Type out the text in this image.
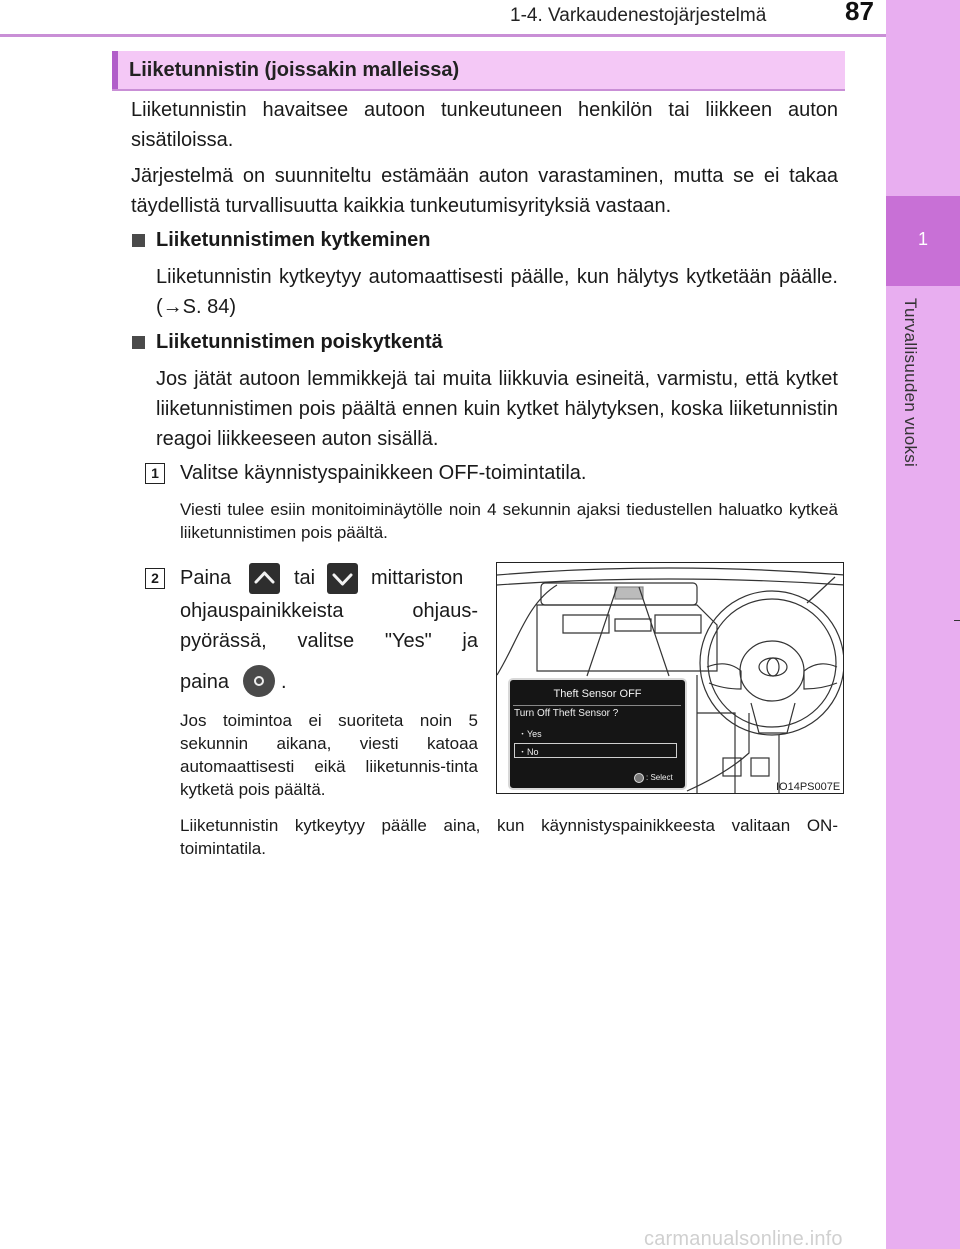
1-4. Varkaudenestojärjestelmä	87
1
Turvallisuuden vuoksi
Liiketunnistin (joissakin malleissa)
Liiketunnistin havaitsee autoon tunkeutuneen henkilön tai liikkeen auton sisätiloissa.
Järjestelmä on suunniteltu estämään auton varastaminen, mutta se ei takaa täydellistä turvallisuutta kaikkia tunkeutumisyrityksiä vastaan.
Liiketunnistimen kytkeminen
Liiketunnistin kytkeytyy automaattisesti päälle, kun hälytys kytketään päälle. (→S. 84)
Liiketunnistimen poiskytkentä
Jos jätät autoon lemmikkejä tai muita liikkuvia esineitä, varmistu, että kytket liiketunnistimen pois päältä ennen kuin kytket hälytyksen, koska liiketunnistin reagoi liikkeeseen auton sisällä.
1	Valitse käynnistyspainikkeen OFF-toimintatila.
Viesti tulee esiin monitoiminäytölle noin 4 sekunnin ajaksi tiedustellen haluatko kytkeä liiketunnistimen pois päältä.
2	Paina	tai	mittariston
ohjauspainikkeista ohjaus-
pyörässä, valitse "Yes" ja
paina	.
Jos toimintoa ei suoriteta noin 5 sekunnin aikana, viesti katoaa automaattisesti eikä liiketunnis-tinta kytketä pois päältä.
Theft Sensor OFF
Turn Off Theft Sensor ?
・Yes
・No
: Select
IO14PS007E
Liiketunnistin kytkeytyy päälle aina, kun käynnistyspainikkeesta valitaan ON-toimintatila.
carmanualsonline.info
